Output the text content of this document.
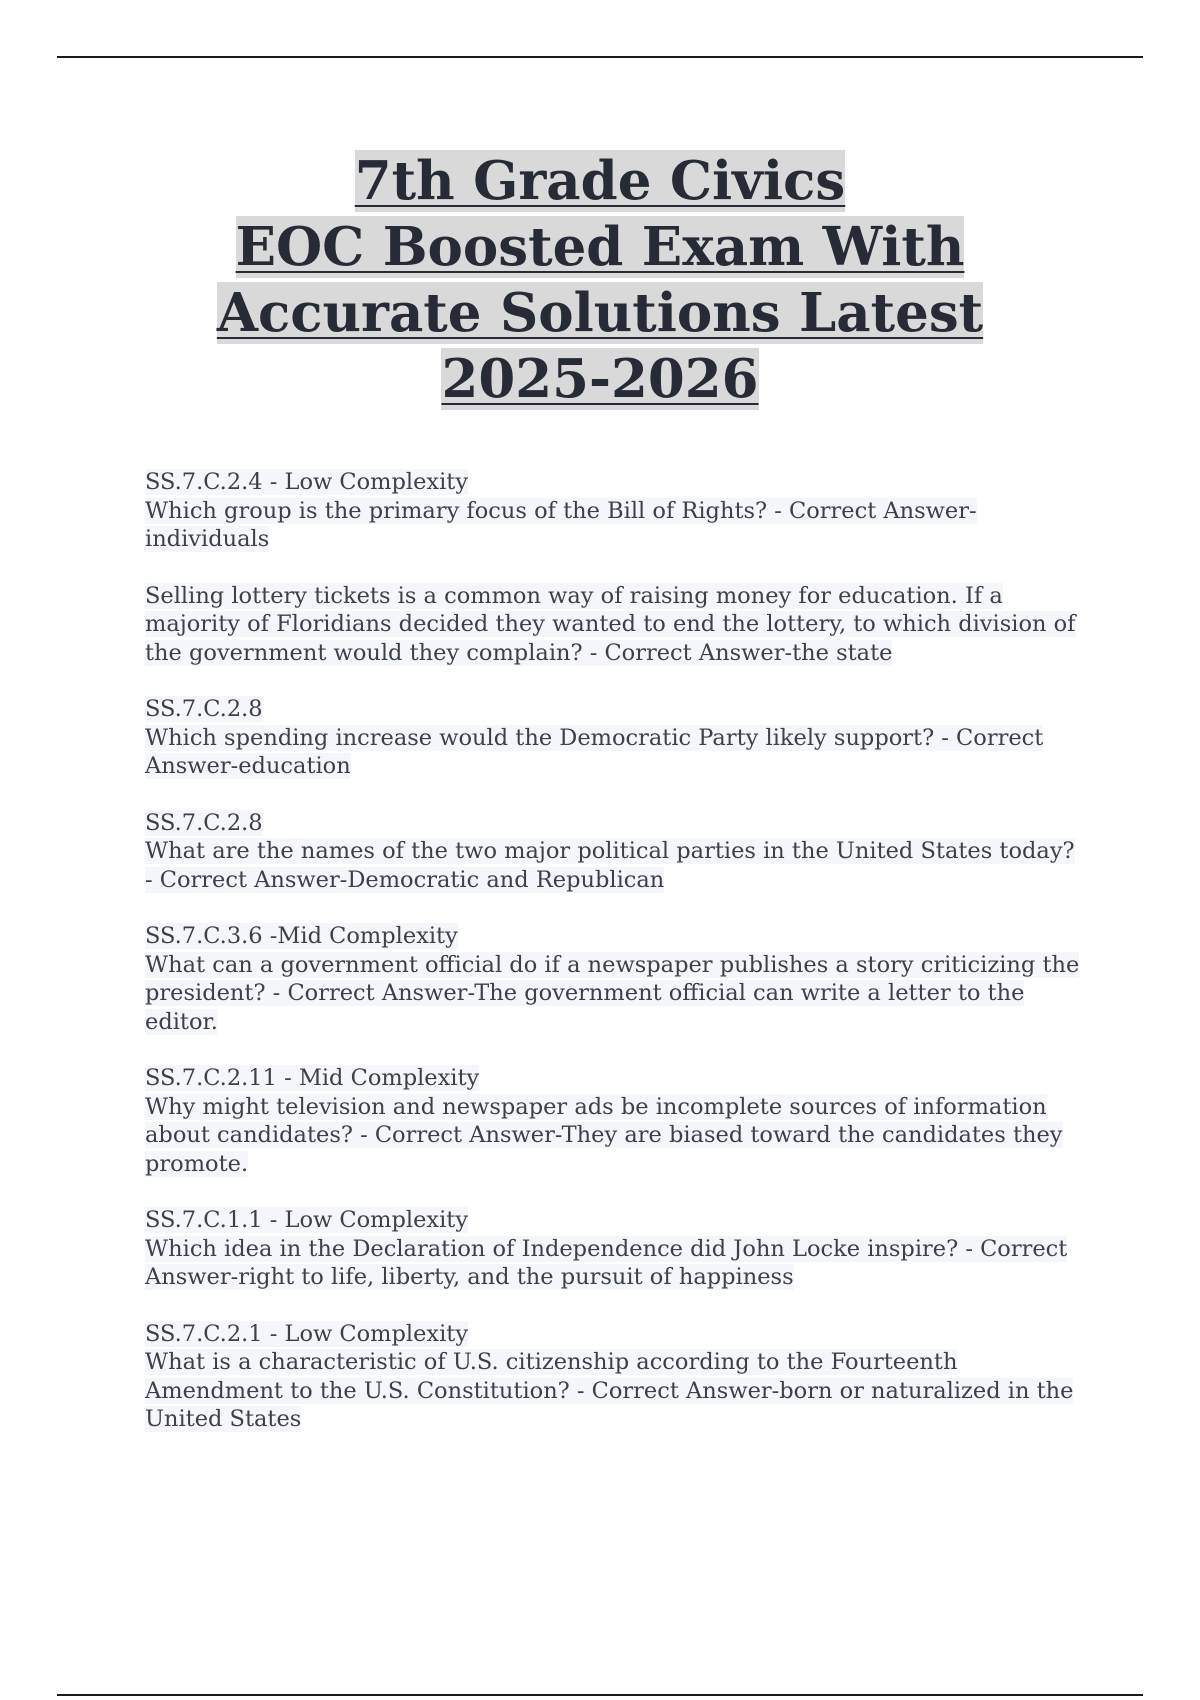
7th Grade Civics
EOC Boosted Exam With
Accurate Solutions Latest
2025-2026

SS.7.C.2.4 - Low Complexity
Which group is the primary focus of the Bill of Rights? - Correct Answer-individuals

Selling lottery tickets is a common way of raising money for education. If a majority of Floridians decided they wanted to end the lottery, to which division of the government would they complain? - Correct Answer-the state

SS.7.C.2.8
Which spending increase would the Democratic Party likely support? - Correct Answer-education

SS.7.C.2.8
What are the names of the two major political parties in the United States today? - Correct Answer-Democratic and Republican

SS.7.C.3.6 -Mid Complexity
What can a government official do if a newspaper publishes a story criticizing the president? - Correct Answer-The government official can write a letter to the editor.

SS.7.C.2.11 - Mid Complexity
Why might television and newspaper ads be incomplete sources of information about candidates? - Correct Answer-They are biased toward the candidates they promote.

SS.7.C.1.1 - Low Complexity
Which idea in the Declaration of Independence did John Locke inspire? - Correct Answer-right to life, liberty, and the pursuit of happiness

SS.7.C.2.1 - Low Complexity
What is a characteristic of U.S. citizenship according to the Fourteenth Amendment to the U.S. Constitution? - Correct Answer-born or naturalized in the United States
